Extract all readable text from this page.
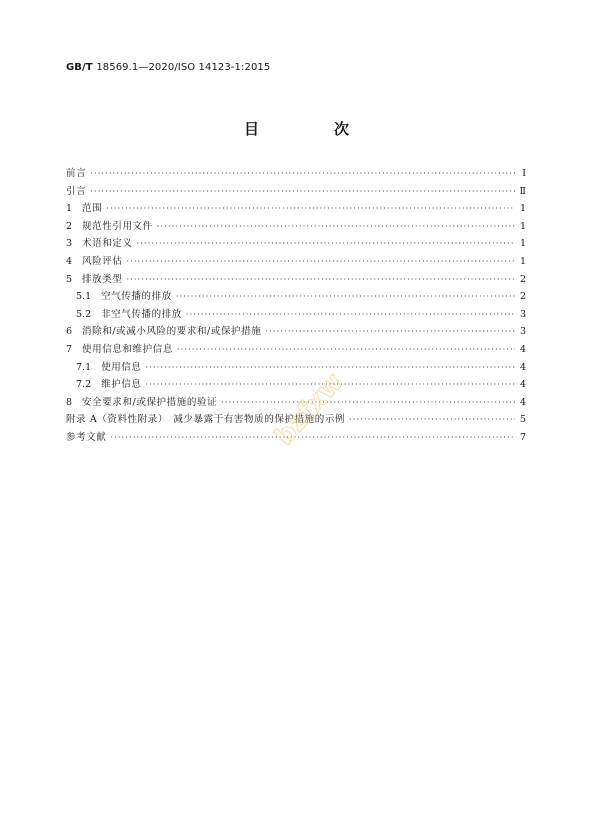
GB/T 18569.1—2020/ISO 14123-1:2015
目　次
前言 ·····	Ⅰ
引言 ·····	Ⅱ
1 范围 ·····	1
2 规范性引用文件 ·····	1
3 术语和定义 ·····	1
4 风险评估 ·····	1
5 排放类型 ·····	2
5.1 空气传播的排放 ·····	2
5.2 非空气传播的排放 ·····	3
6 消除和/或减小风险的要求和/或保护措施 ·····	3
7 使用信息和维护信息 ·····	4
7.1 使用信息 ·····	4
7.2 维护信息 ·····	4
8 安全要求和/或保护措施的验证 ·····	4
附录 A（资料性附录）　减少暴露于有害物质的保护措施的示例 ·····	5
参考文献 ·····	7
bzfxw
